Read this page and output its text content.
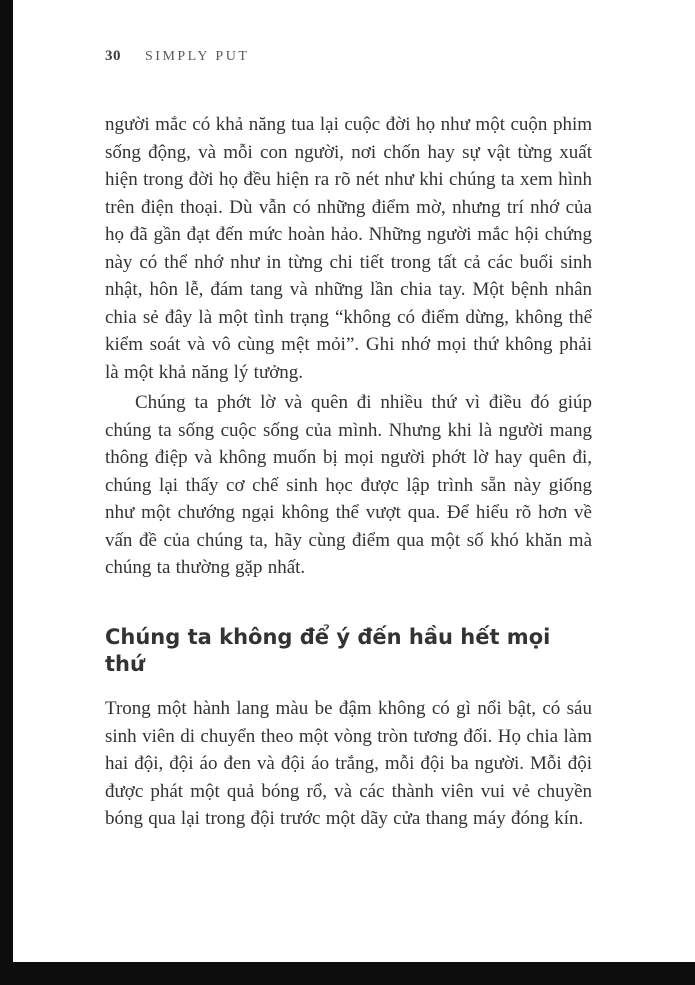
30 SIMPLY PUT

người mắc có khả năng tua lại cuộc đời họ như một cuộn phim sống động, và mỗi con người, nơi chốn hay sự vật từng xuất hiện trong đời họ đều hiện ra rõ nét như khi chúng ta xem hình trên điện thoại. Dù vẫn có những điểm mờ, nhưng trí nhớ của họ đã gần đạt đến mức hoàn hảo. Những người mắc hội chứng này có thể nhớ như in từng chi tiết trong tất cả các buổi sinh nhật, hôn lễ, đám tang và những lần chia tay. Một bệnh nhân chia sẻ đây là một tình trạng “không có điểm dừng, không thể kiểm soát và vô cùng mệt mỏi”. Ghi nhớ mọi thứ không phải là một khả năng lý tưởng.

Chúng ta phớt lờ và quên đi nhiều thứ vì điều đó giúp chúng ta sống cuộc sống của mình. Nhưng khi là người mang thông điệp và không muốn bị mọi người phớt lờ hay quên đi, chúng lại thấy cơ chế sinh học được lập trình sẵn này giống như một chướng ngại không thể vượt qua. Để hiểu rõ hơn về vấn đề của chúng ta, hãy cùng điểm qua một số khó khăn mà chúng ta thường gặp nhất.

Chúng ta không để ý đến hầu hết mọi thứ

Trong một hành lang màu be đậm không có gì nổi bật, có sáu sinh viên di chuyển theo một vòng tròn tương đối. Họ chia làm hai đội, đội áo đen và đội áo trắng, mỗi đội ba người. Mỗi đội được phát một quả bóng rổ, và các thành viên vui vẻ chuyền bóng qua lại trong đội trước một dãy cửa thang máy đóng kín.
